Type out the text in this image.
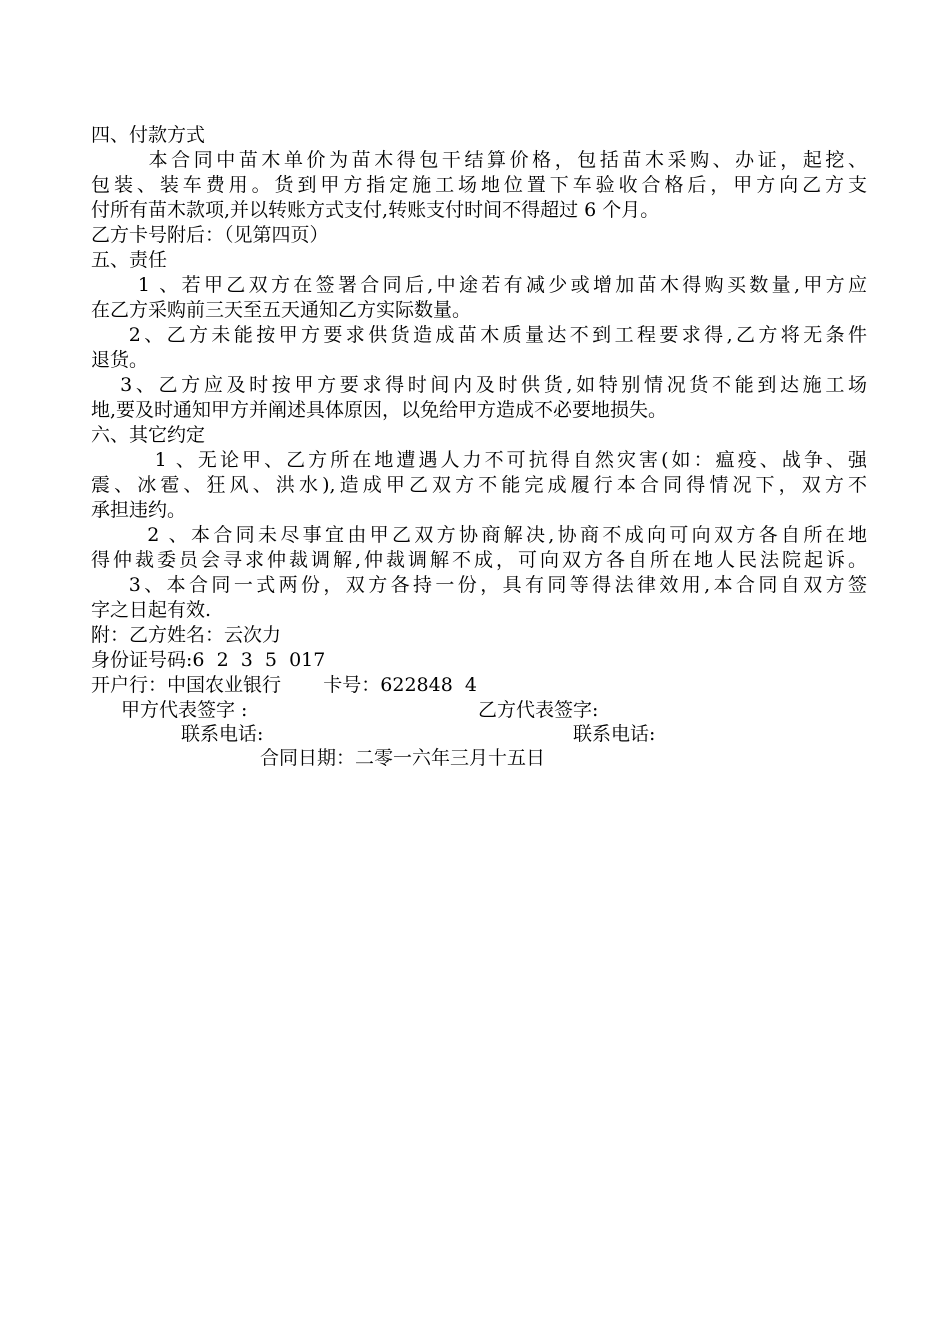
四、付款方式
本合同中苗木单价为苗木得包干结算价格，包括苗木采购、办证，起挖、
包装、装车费用。货到甲方指定施工场地位置下车验收合格后，甲方向乙方支
付所有苗木款项,并以转账方式支付,转账支付时间不得超过 6 个月。
乙方卡号附后：（见第四页）
五、责任
1 、若甲乙双方在签署合同后,中途若有减少或增加苗木得购买数量,甲方应
在乙方采购前三天至五天通知乙方实际数量。
2、乙方未能按甲方要求供货造成苗木质量达不到工程要求得,乙方将无条件
退货。
3、乙方应及时按甲方要求得时间内及时供货,如特别情况货不能到达施工场
地,要及时通知甲方并阐述具体原因，以免给甲方造成不必要地损失。
六、其它约定
1 、无论甲、乙方所在地遭遇人力不可抗得自然灾害(如：瘟疫、战争、强
震、冰雹、狂风、洪水),造成甲乙双方不能完成履行本合同得情况下，双方不
承担违约。
2 、本合同未尽事宜由甲乙双方协商解决,协商不成向可向双方各自所在地
得仲裁委员会寻求仲裁调解,仲裁调解不成，可向双方各自所在地人民法院起诉。
3、本合同一式两份，双方各持一份，具有同等得法律效用,本合同自双方签
字之日起有效.
附：乙方姓名：云次力
身份证号码:6  2  3  5  017
开户行：中国农业银行       卡号：622848  4
甲方代表签字 :	乙方代表签字:
联系电话:	联系电话:
合同日期：二零一六年三月十五日
